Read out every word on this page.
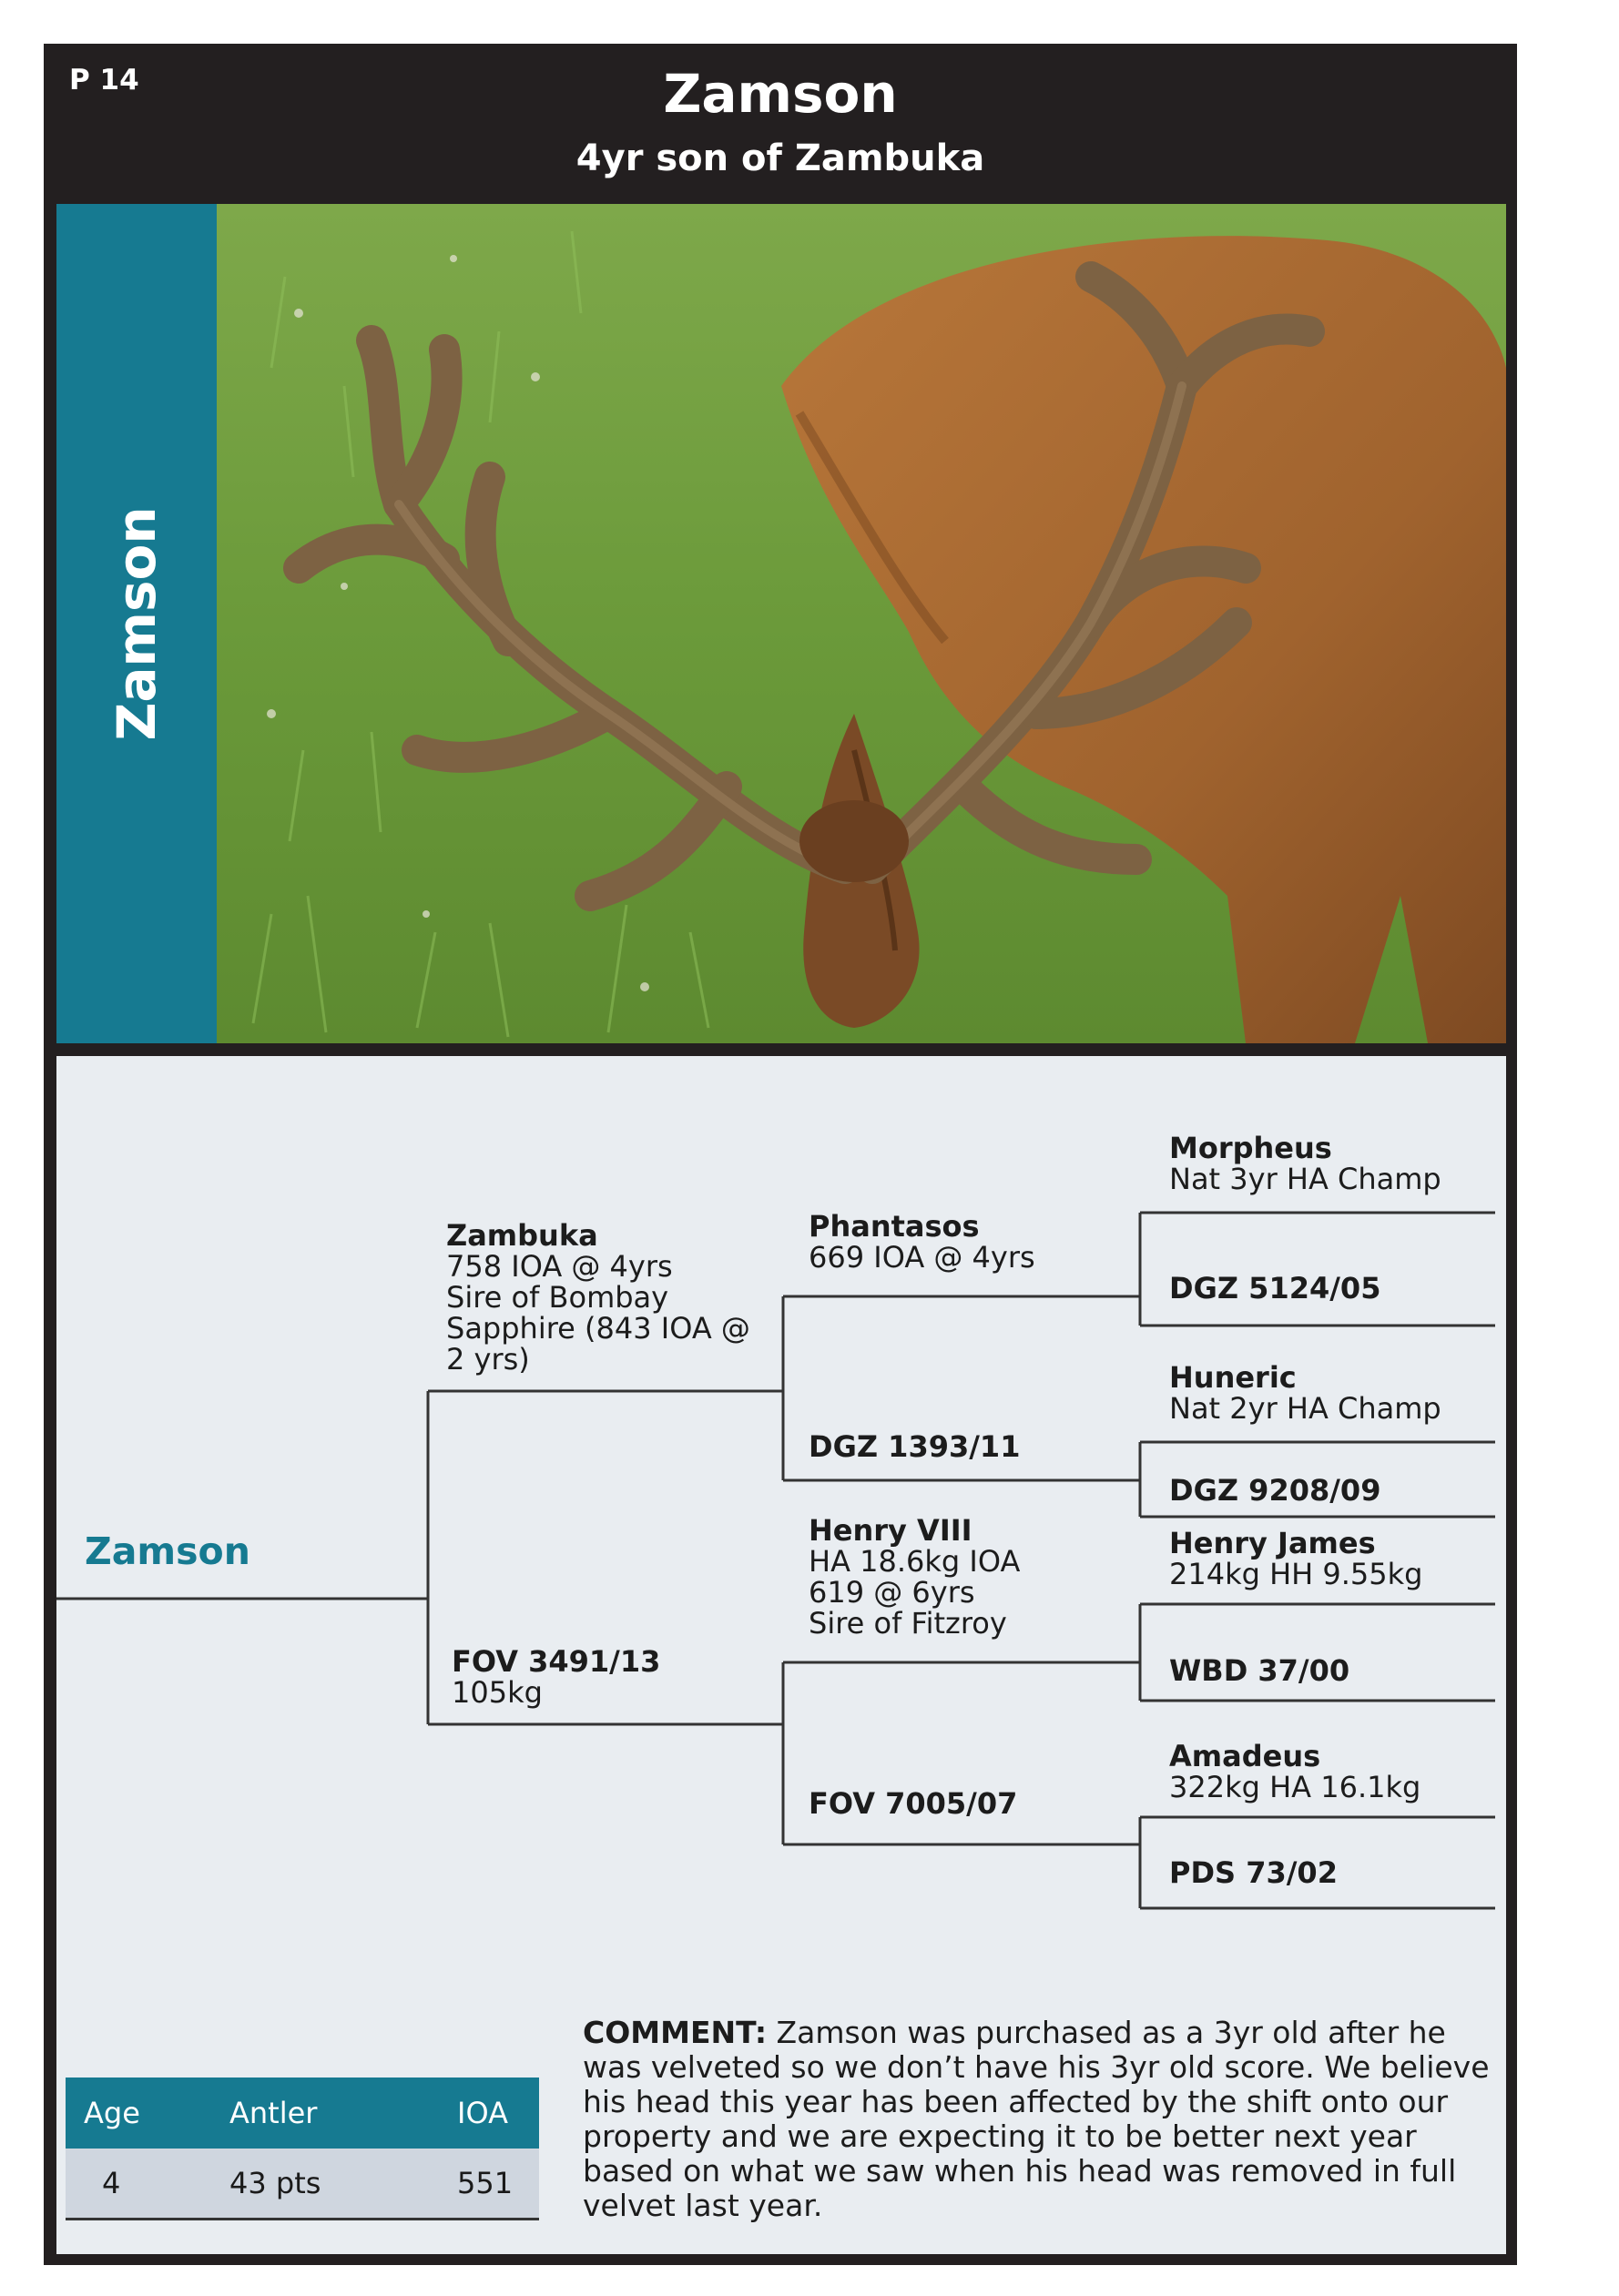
P 14	Zamson
4yr son of Zambuka
Zamson
Zamson
Zambuka
758 IOA @ 4yrs
Sire of Bombay
Sapphire (843 IOA @
2 yrs)
FOV 3491/13
105kg
Phantasos
669 IOA @ 4yrs
DGZ 1393/11
Henry VIII
HA 18.6kg IOA
619 @ 6yrs
Sire of Fitzroy
FOV 7005/07
Morpheus
Nat 3yr HA Champ
DGZ 5124/05
Huneric
Nat 2yr HA Champ
DGZ 9208/09
Henry James
214kg HH 9.55kg
WBD 37/00
Amadeus
322kg HA 16.1kg
PDS 73/02
Age	Antler	IOA
4	43 pts	551
COMMENT: Zamson was purchased as a 3yr old after he was velveted so we don’t have his 3yr old score. We believe his head this year has been affected by the shift onto our property and we are expecting it to be better next year based on what we saw when his head was removed in full velvet last year.
